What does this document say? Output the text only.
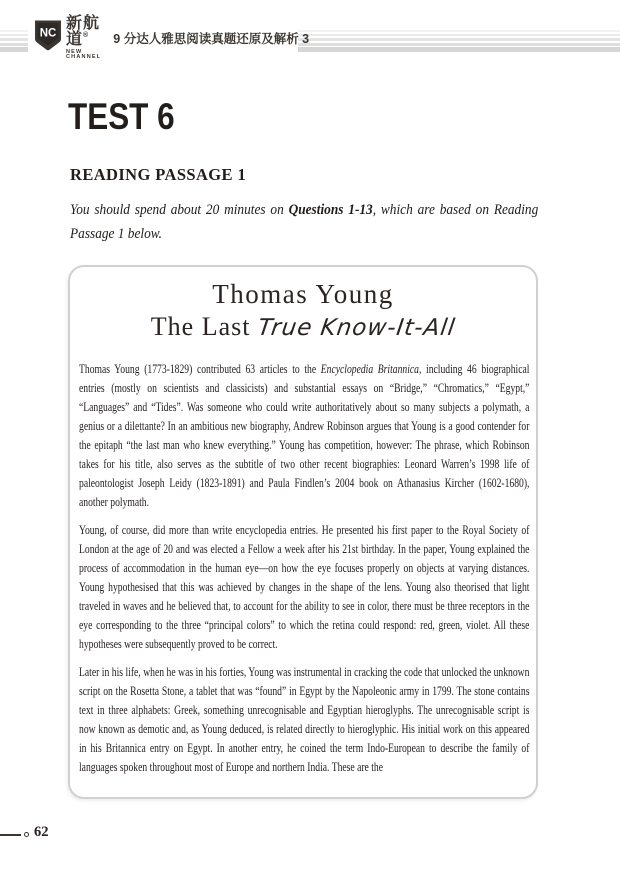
NC
新航道®
NEW CHANNEL
9 分达人雅思阅读真题还原及解析 3
TEST 6
READING PASSAGE 1
You should spend about 20 minutes on Questions 1-13, which are based on Reading Passage 1 below.
Thomas Young
The Last True Know-It-All

Thomas Young (1773-1829) contributed 63 articles to the Encyclopedia Britannica, including 46 biographical entries (mostly on scientists and classicists) and substantial essays on “Bridge,” “Chromatics,” “Egypt,” “Languages” and “Tides”. Was someone who could write authoritatively about so many subjects a polymath, a genius or a dilettante? In an ambitious new biography, Andrew Robinson argues that Young is a good contender for the epitaph “the last man who knew everything.” Young has competition, however: The phrase, which Robinson takes for his title, also serves as the subtitle of two other recent biographies: Leonard Warren’s 1998 life of paleontologist Joseph Leidy (1823-1891) and Paula Findlen’s 2004 book on Athanasius Kircher (1602-1680), another polymath.

Young, of course, did more than write encyclopedia entries. He presented his first paper to the Royal Society of London at the age of 20 and was elected a Fellow a week after his 21st birthday. In the paper, Young explained the process of accommodation in the human eye—on how the eye focuses properly on objects at varying distances. Young hypothesised that this was achieved by changes in the shape of the lens. Young also theorised that light traveled in waves and he believed that, to account for the ability to see in color, there must be three receptors in the eye corresponding to the three “principal colors” to which the retina could respond: red, green, violet. All these hypotheses were subsequently proved to be correct.

Later in his life, when he was in his forties, Young was instrumental in cracking the code that unlocked the unknown script on the Rosetta Stone, a tablet that was “found” in Egypt by the Napoleonic army in 1799. The stone contains text in three alphabets: Greek, something unrecognisable and Egyptian hieroglyphs. The unrecognisable script is now known as demotic and, as Young deduced, is related directly to hieroglyphic. His initial work on this appeared in his Britannica entry on Egypt. In another entry, he coined the term Indo-European to describe the family of languages spoken throughout most of Europe and northern India. These are the

62
